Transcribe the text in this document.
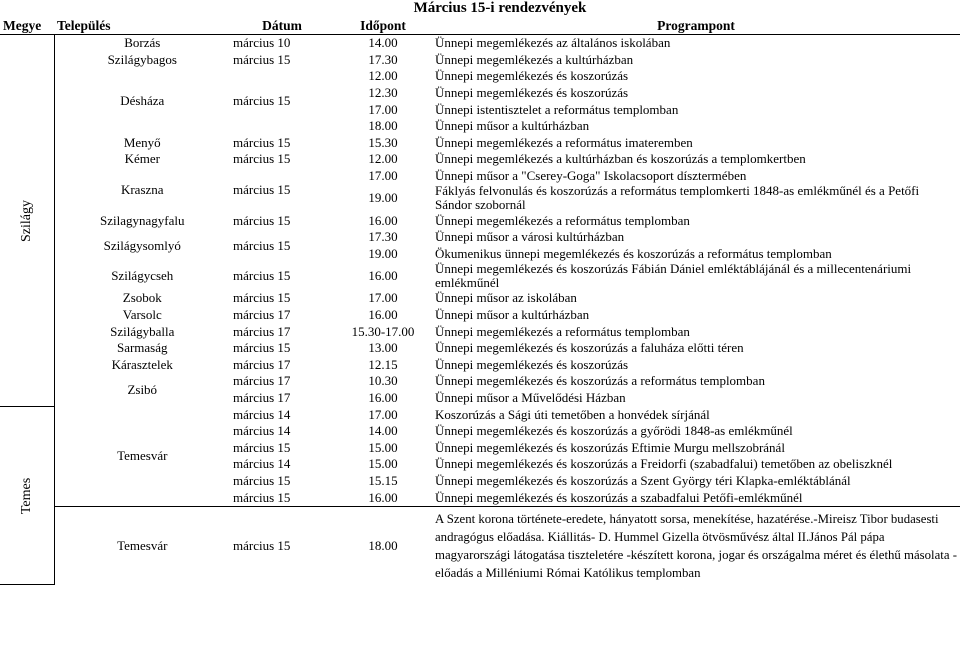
Március 15-i rendezvények
Megye	Település	Dátum	Időpont	Programpont
Szilágy	Borzás	március 10	14.00	Ünnepi megemlékezés az általános iskolában
	Szilágybagos	március 15	17.30	Ünnepi megemlékezés a kultúrházban
	Désháza	március 15	12.00	Ünnepi megemlékezés és koszorúzás
			12.30	Ünnepi megemlékezés és koszorúzás
			17.00	Ünnepi istentisztelet a református templomban
			18.00	Ünnepi műsor a kultúrházban
	Menyő	március 15	15.30	Ünnepi megemlékezés a református imateremben
	Kémer	március 15	12.00	Ünnepi megemlékezés a kultúrházban és koszorúzás a templomkertben
	Kraszna	március 15	17.00	Ünnepi műsor a "Cserey-Goga" Iskolacsoport dísztermében
			19.00	Fáklyás felvonulás és koszorúzás a református templomkerti 1848-as emlékműnél és a Petőfi Sándor szobornál
	Szilagynagyfalu	március 15	16.00	Ünnepi megemlékezés a református templomban
	Szilágysomlyó	március 15	17.30	Ünnepi műsor a városi kultúrházban
			19.00	Ökumenikus ünnepi megemlékezés és koszorúzás a református templomban
	Szilágycseh	március 15	16.00	Ünnepi megemlékezés és koszorúzás Fábián Dániel emléktáblájánál és a millecentenáriumi emlékműnél
	Zsobok	március 15	17.00	Ünnepi műsor az iskolában
	Varsolc	március 17	16.00	Ünnepi műsor a kultúrházban
	Szilágyballa	március 17	15.30-17.00	Ünnepi megemlékezés a református templomban
	Sarmaság	március 15	13.00	Ünnepi megemlékezés és koszorúzás a faluháza előtti téren
	Kárasztelek	március 17	12.15	Ünnepi megemlékezés és koszorúzás
	Zsibó	március 17	10.30	Ünnepi megemlékezés és koszorúzás a református templomban
		március 17	16.00	Ünnepi műsor a Művelődési Házban
Temes	Temesvár	március 14	17.00	Koszorúzás a Sági úti temetőben a honvédek sírjánál
		március 14	14.00	Ünnepi megemlékezés és koszorúzás a győrödi 1848-as emlékműnél
		március 15	15.00	Ünnepi megemlékezés és koszorúzás Eftimie Murgu mellszobránál
		március 14	15.00	Ünnepi megemlékezés és koszorúzás a Freidorfi (szabadfalui) temetőben az obeliszknél
		március 15	15.15	Ünnepi megemlékezés és koszorúzás a Szent György téri Klapka-emléktáblánál
		március 15	16.00	Ünnepi megemlékezés és koszorúzás a szabadfalui Petőfi-emlékműnél
	Temesvár	március 15	18.00	A Szent korona története-eredete, hányatott sorsa, menekítése, hazatérése.-Mireisz Tibor budasesti andragógus előadása. Kiállitás- D. Hummel Gizella ötvösművész által II.János Pál pápa magyarországi látogatása tiszteletére -készített korona, jogar és országalma méret és élethű másolata -előadás a Milléniumi Római Katólikus templomban
